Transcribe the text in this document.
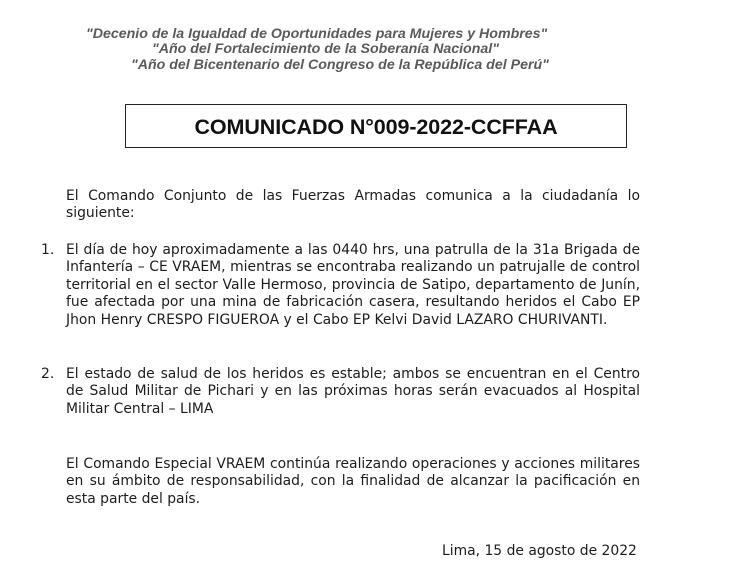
"Decenio de la Igualdad de Oportunidades para Mujeres y Hombres"
"Año del Fortalecimiento de la Soberanía Nacional"
"Año del Bicentenario del Congreso de la República del Perú"
COMUNICADO N°009-2022-CCFFAA
El Comando Conjunto de las Fuerzas Armadas comunica a la ciudadanía lo siguiente:
1. El día de hoy aproximadamente a las 0440 hrs, una patrulla de la 31a Brigada de Infantería – CE VRAEM, mientras se encontraba realizando un patrujalle de control territorial en el sector Valle Hermoso, provincia de Satipo, departamento de Junín, fue afectada por una mina de fabricación casera, resultando heridos el Cabo EP Jhon Henry CRESPO FIGUEROA y el Cabo EP Kelvi David LAZARO CHURIVANTI.
2. El estado de salud de los heridos es estable; ambos se encuentran en el Centro de Salud Militar de Pichari y en las próximas horas serán evacuados al Hospital Militar Central – LIMA
El Comando Especial VRAEM continúa realizando operaciones y acciones militares en su ámbito de responsabilidad, con la finalidad de alcanzar la pacificación en esta parte del país.
Lima, 15 de agosto de 2022
